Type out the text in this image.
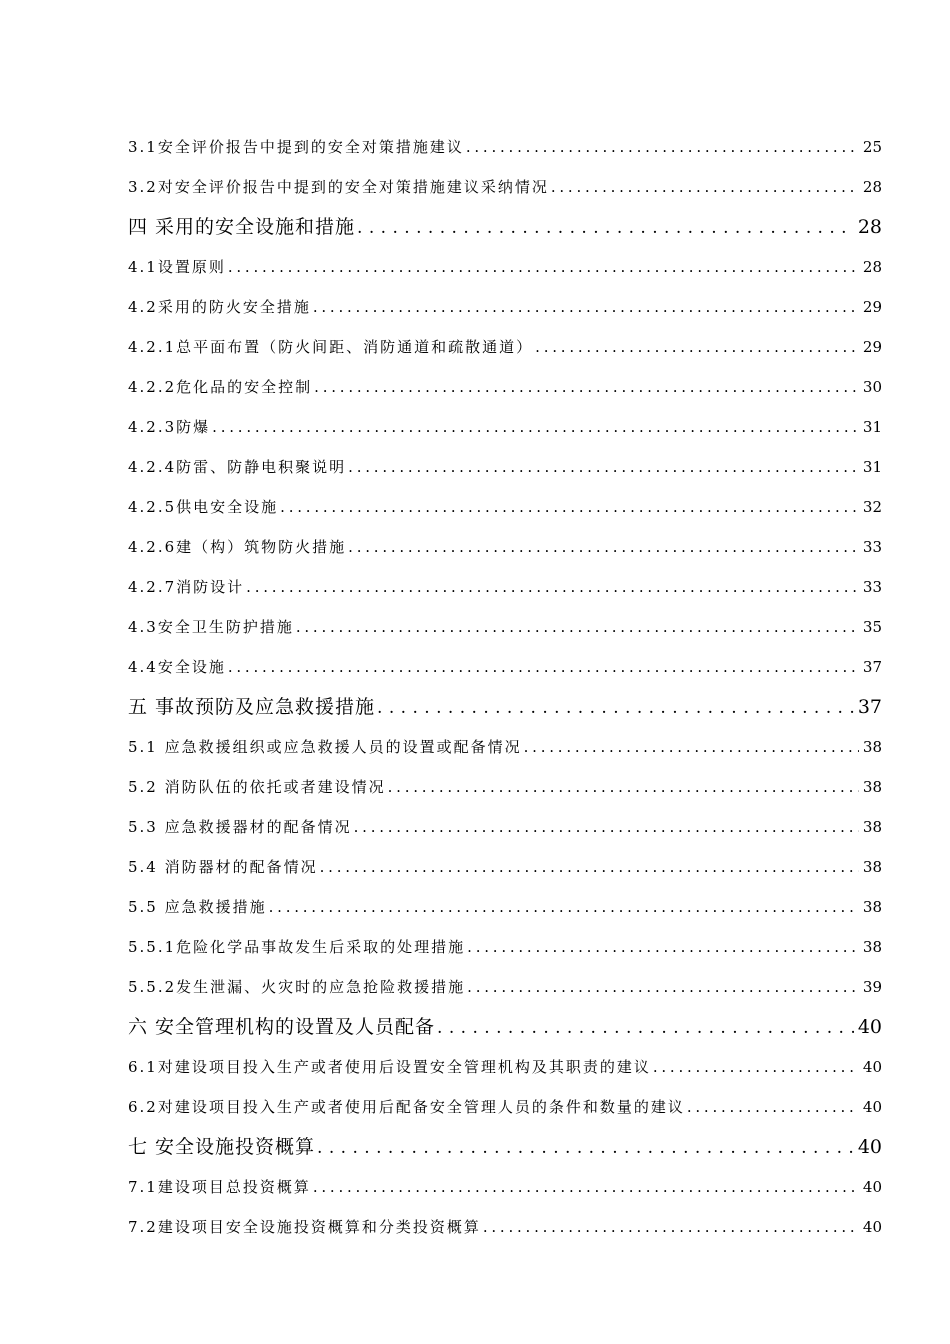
3.1安全评价报告中提到的安全对策措施建议 . . .	25
3.2对安全评价报告中提到的安全对策措施建议采纳情况 . . .	28
四 采用的安全设施和措施 . . .	28
4.1设置原则 . . .	28
4.2采用的防火安全措施 . . .	29
4.2.1总平面布置（防火间距、消防通道和疏散通道） . . .	29
4.2.2危化品的安全控制 . . .	30
4.2.3防爆 . . .	31
4.2.4防雷、防静电积聚说明 . . .	31
4.2.5供电安全设施 . . .	32
4.2.6建（构）筑物防火措施 . . .	33
4.2.7消防设计 . . .	33
4.3安全卫生防护措施 . . .	35
4.4安全设施 . . .	37
五 事故预防及应急救援措施 . . .	37
5.1 应急救援组织或应急救援人员的设置或配备情况 . . .	38
5.2 消防队伍的依托或者建设情况 . . .	38
5.3 应急救援器材的配备情况 . . .	38
5.4 消防器材的配备情况 . . .	38
5.5 应急救援措施 . . .	38
5.5.1危险化学品事故发生后采取的处理措施 . . .	38
5.5.2发生泄漏、火灾时的应急抢险救援措施 . . .	39
六 安全管理机构的设置及人员配备 . . .	40
6.1对建设项目投入生产或者使用后设置安全管理机构及其职责的建议 . . .	40
6.2对建设项目投入生产或者使用后配备安全管理人员的条件和数量的建议 . . .	40
七 安全设施投资概算 . . .	40
7.1建设项目总投资概算 . . .	40
7.2建设项目安全设施投资概算和分类投资概算 . . .	40
